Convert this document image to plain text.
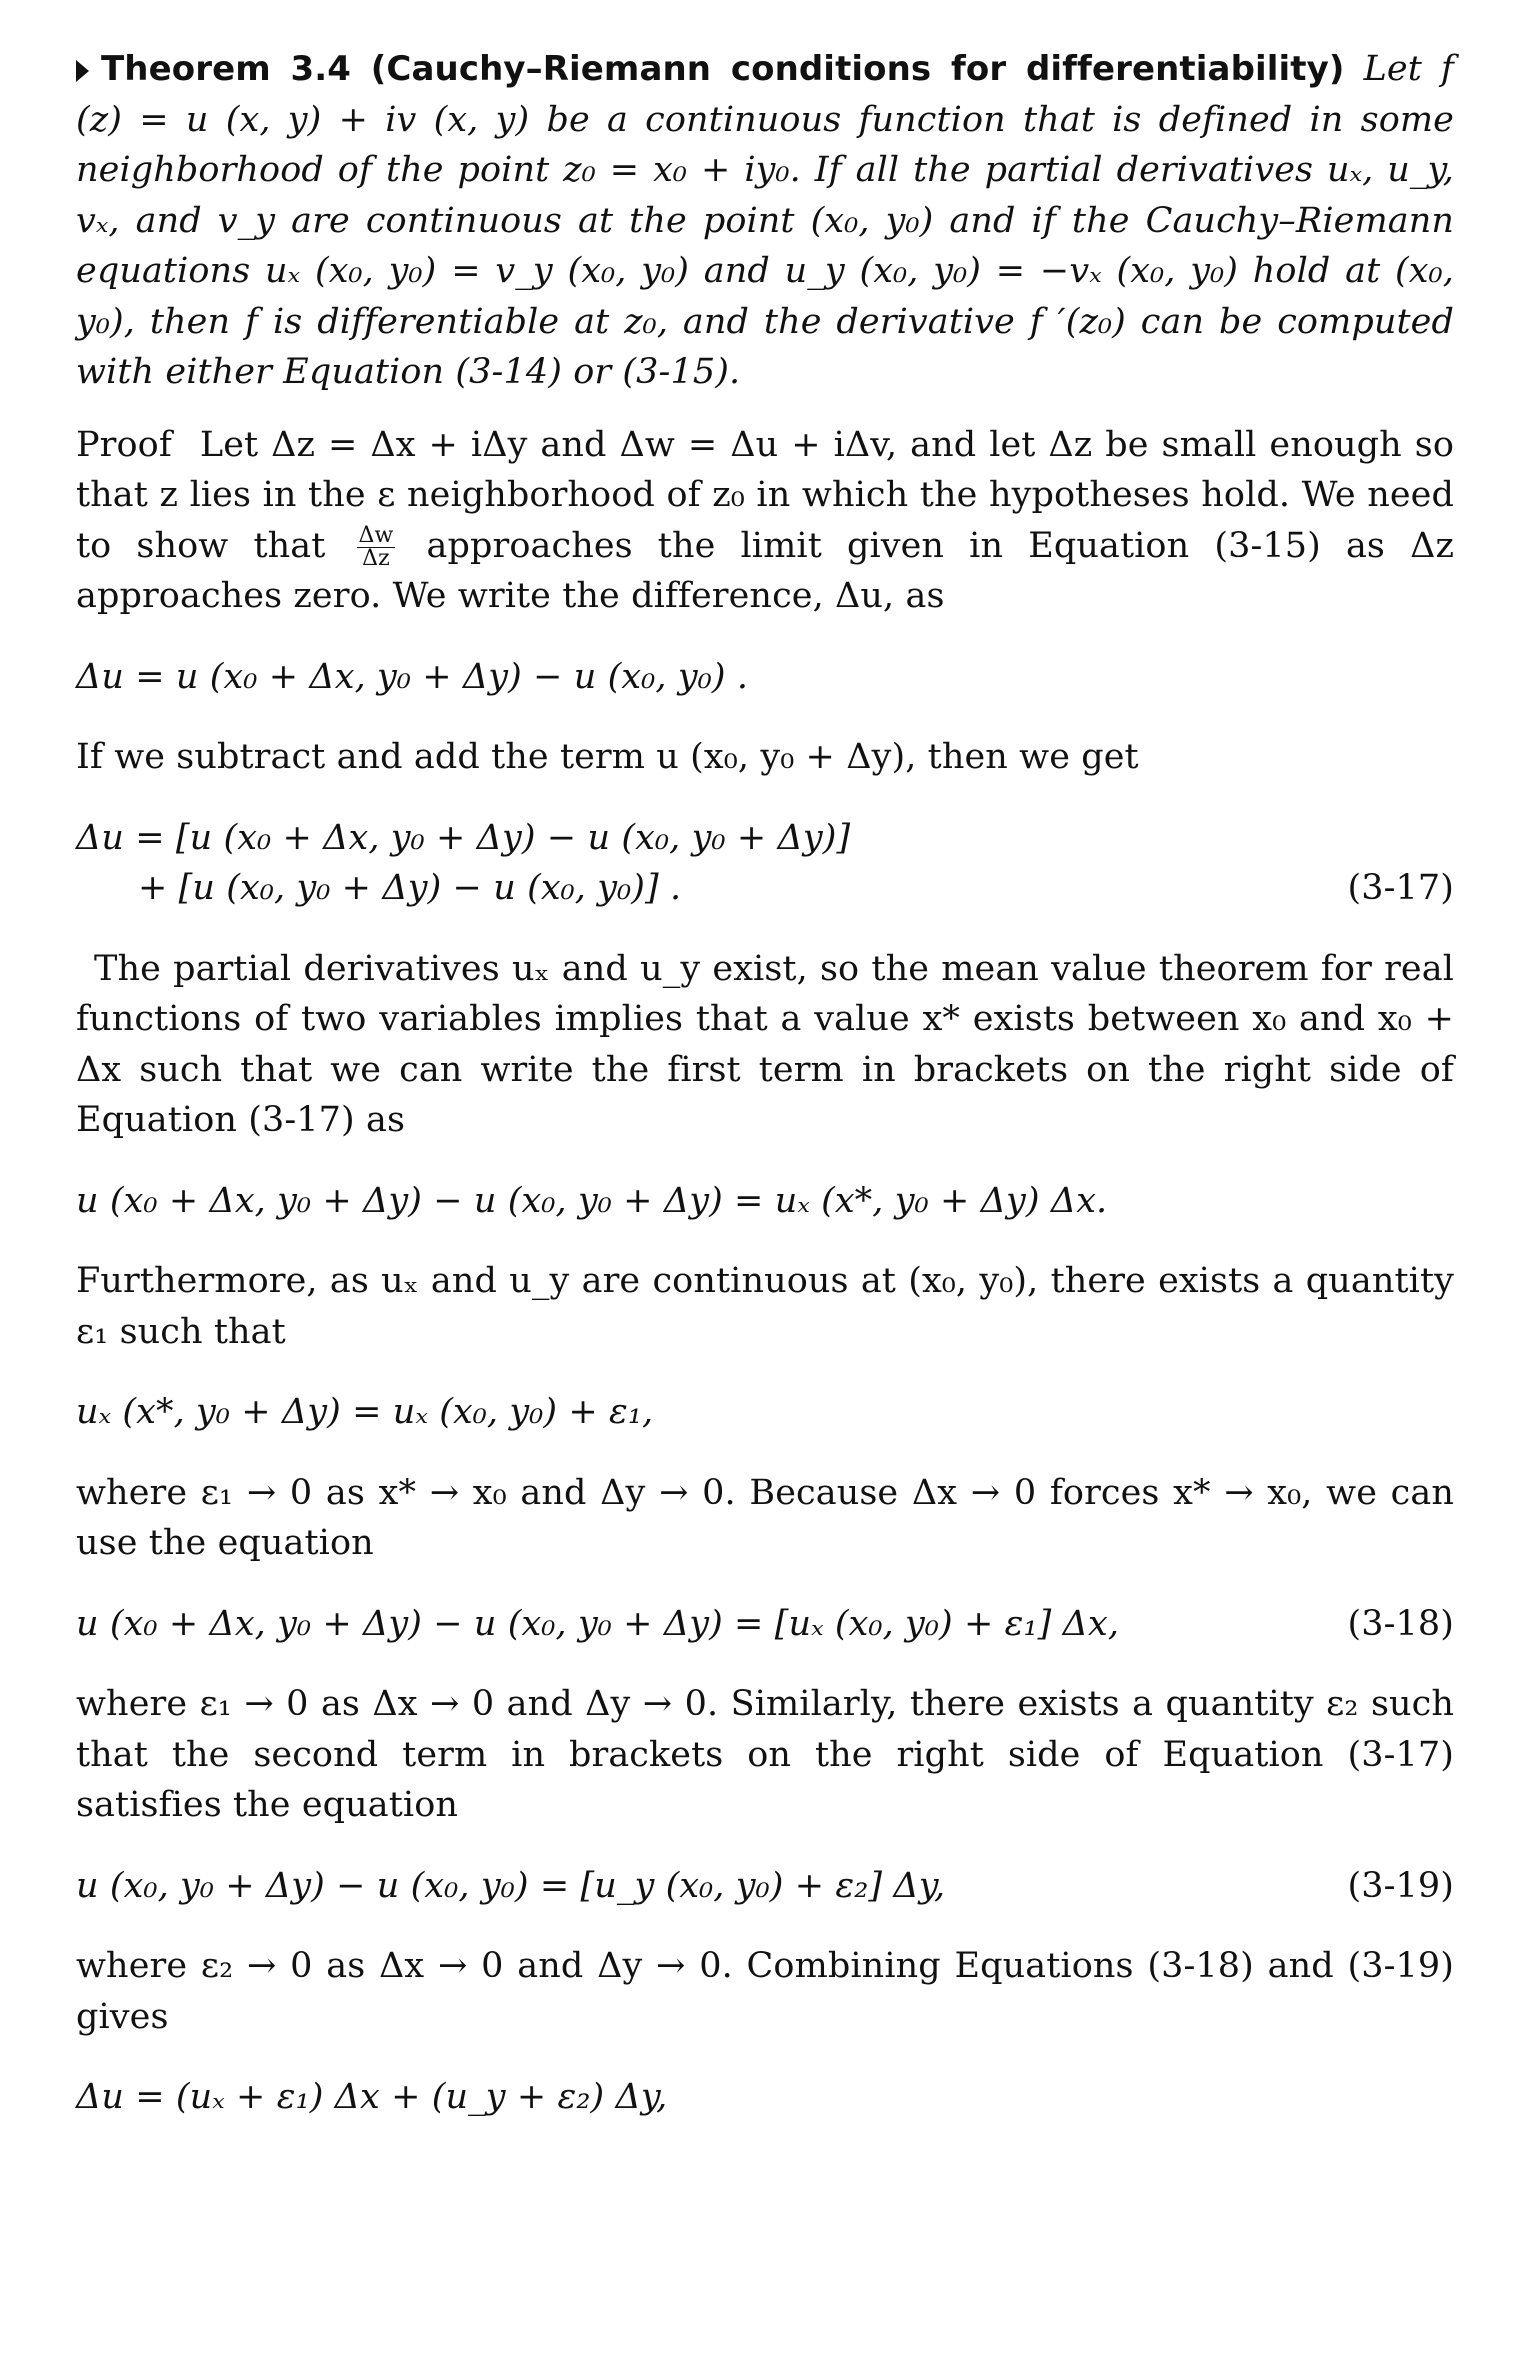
Theorem 3.4 (Cauchy–Riemann conditions for differentiability) Let f (z) = u (x, y) + iv (x, y) be a continuous function that is defined in some neighborhood of the point z₀ = x₀ + iy₀. If all the partial derivatives uₓ, u_y, vₓ, and v_y are continuous at the point (x₀, y₀) and if the Cauchy–Riemann equations uₓ (x₀, y₀) = v_y (x₀, y₀) and u_y (x₀, y₀) = −vₓ (x₀, y₀) hold at (x₀, y₀), then f is differentiable at z₀, and the derivative f ′(z₀) can be computed with either Equation (3-14) or (3-15).
Proof Let Δz = Δx + iΔy and Δw = Δu + iΔv, and let Δz be small enough so that z lies in the ε neighborhood of z₀ in which the hypotheses hold. We need to show that $\frac{\Delta w}{\Delta z}$ approaches the limit given in Equation (3-15) as Δz approaches zero. We write the difference, Δu, as
Δu = u (x₀ + Δx, y₀ + Δy) − u (x₀, y₀) .
If we subtract and add the term u (x₀, y₀ + Δy), then we get
Δu = [u (x₀ + Δx, y₀ + Δy) − u (x₀, y₀ + Δy)]
+ [u (x₀, y₀ + Δy) − u (x₀, y₀)] .	(3-17)
The partial derivatives uₓ and u_y exist, so the mean value theorem for real functions of two variables implies that a value x* exists between x₀ and x₀ + Δx such that we can write the first term in brackets on the right side of Equation (3-17) as
u (x₀ + Δx, y₀ + Δy) − u (x₀, y₀ + Δy) = uₓ (x*, y₀ + Δy) Δx.
Furthermore, as uₓ and u_y are continuous at (x₀, y₀), there exists a quantity ε₁ such that
uₓ (x*, y₀ + Δy) = uₓ (x₀, y₀) + ε₁,
where ε₁ → 0 as x* → x₀ and Δy → 0. Because Δx → 0 forces x* → x₀, we can use the equation
u (x₀ + Δx, y₀ + Δy) − u (x₀, y₀ + Δy) = [uₓ (x₀, y₀) + ε₁] Δx,	(3-18)
where ε₁ → 0 as Δx → 0 and Δy → 0. Similarly, there exists a quantity ε₂ such that the second term in brackets on the right side of Equation (3-17) satisfies the equation
u (x₀, y₀ + Δy) − u (x₀, y₀) = [u_y (x₀, y₀) + ε₂] Δy,	(3-19)
where ε₂ → 0 as Δx → 0 and Δy → 0. Combining Equations (3-18) and (3-19) gives
Δu = (uₓ + ε₁) Δx + (u_y + ε₂) Δy,
